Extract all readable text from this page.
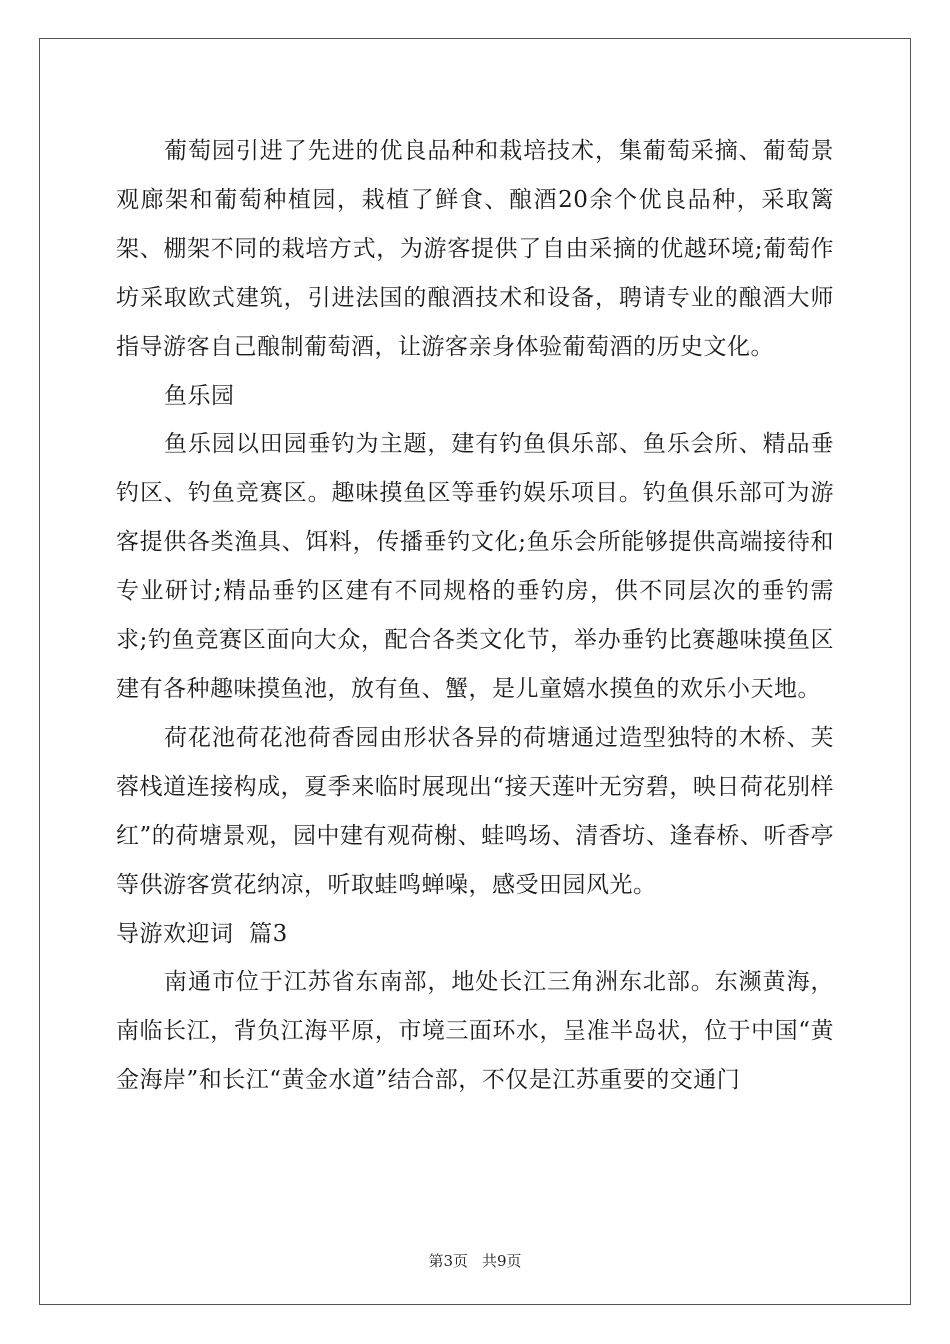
葡萄园引进了先进的优良品种和栽培技术，集葡萄采摘、葡萄景观廊架和葡萄种植园，栽植了鲜食、酿酒20余个优良品种，采取篱架、棚架不同的栽培方式，为游客提供了自由采摘的优越环境;葡萄作坊采取欧式建筑，引进法国的酿酒技术和设备，聘请专业的酿酒大师指导游客自己酿制葡萄酒，让游客亲身体验葡萄酒的历史文化。

鱼乐园

鱼乐园以田园垂钓为主题，建有钓鱼俱乐部、鱼乐会所、精品垂钓区、钓鱼竞赛区。趣味摸鱼区等垂钓娱乐项目。钓鱼俱乐部可为游客提供各类渔具、饵料，传播垂钓文化;鱼乐会所能够提供高端接待和专业研讨;精品垂钓区建有不同规格的垂钓房，供不同层次的垂钓需求;钓鱼竞赛区面向大众，配合各类文化节，举办垂钓比赛趣味摸鱼区建有各种趣味摸鱼池，放有鱼、蟹，是儿童嬉水摸鱼的欢乐小天地。

荷花池荷花池荷香园由形状各异的荷塘通过造型独特的木桥、芙蓉栈道连接构成，夏季来临时展现出“接天莲叶无穷碧，映日荷花别样红”的荷塘景观，园中建有观荷榭、蛙鸣场、清香坊、逢春桥、听香亭等供游客赏花纳凉，听取蛙鸣蝉噪，感受田园风光。

导游欢迎词  篇3

南通市位于江苏省东南部，地处长江三角洲东北部。东濒黄海，南临长江，背负江海平原，市境三面环水，呈准半岛状，位于中国“黄金海岸”和长江“黄金水道”结合部，不仅是江苏重要的交通门

第3页 共9页
